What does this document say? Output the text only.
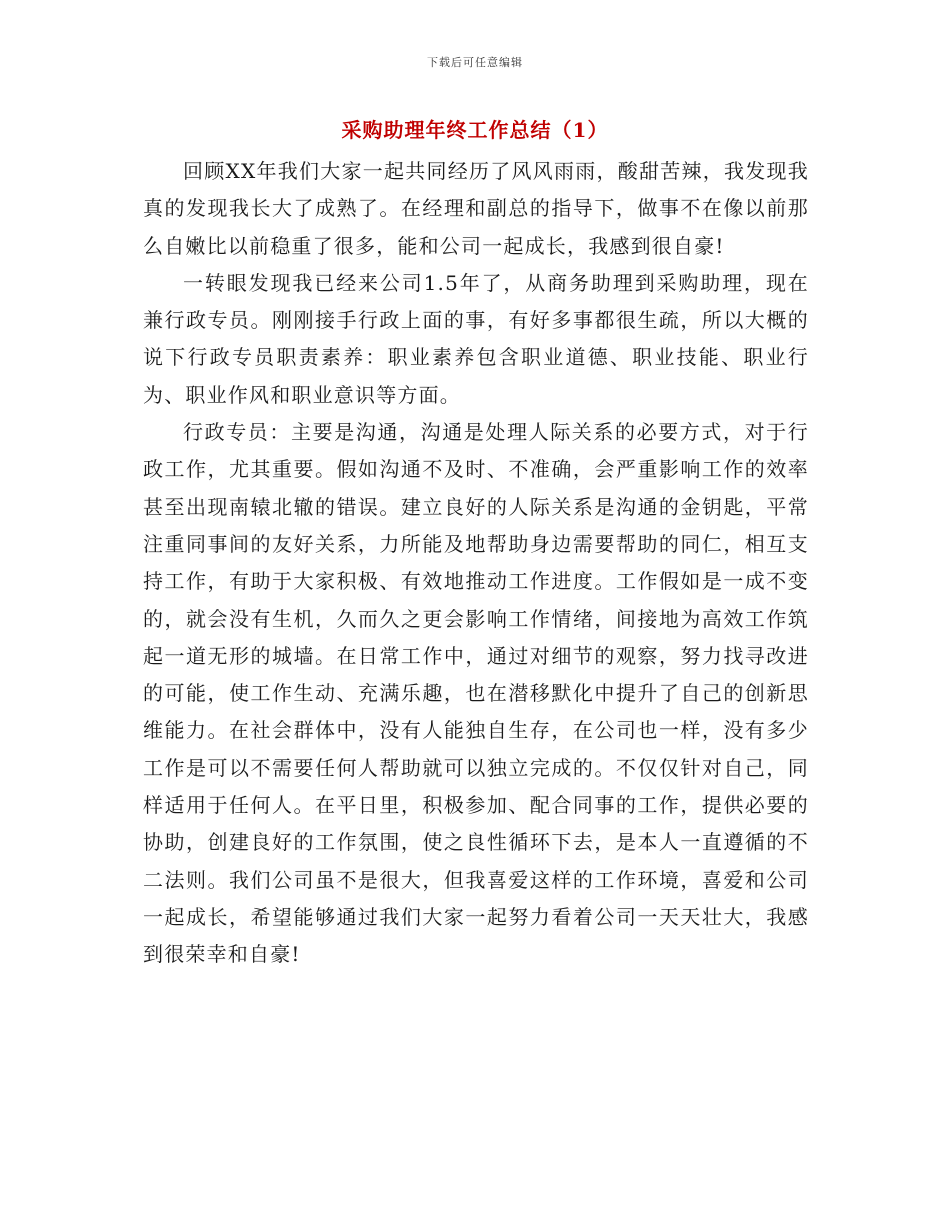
下载后可任意编辑
采购助理年终工作总结（1）

回顾XX年我们大家一起共同经历了风风雨雨，酸甜苦辣，我发现我真的发现我长大了成熟了。在经理和副总的指导下，做事不在像以前那么自嫩比以前稳重了很多，能和公司一起成长，我感到很自豪!

一转眼发现我已经来公司1.5年了，从商务助理到采购助理，现在兼行政专员。刚刚接手行政上面的事，有好多事都很生疏，所以大概的说下行政专员职责素养：职业素养包含职业道德、职业技能、职业行为、职业作风和职业意识等方面。

行政专员：主要是沟通，沟通是处理人际关系的必要方式，对于行政工作，尤其重要。假如沟通不及时、不准确，会严重影响工作的效率甚至出现南辕北辙的错误。建立良好的人际关系是沟通的金钥匙，平常注重同事间的友好关系，力所能及地帮助身边需要帮助的同仁，相互支持工作，有助于大家积极、有效地推动工作进度。工作假如是一成不变的，就会没有生机，久而久之更会影响工作情绪，间接地为高效工作筑起一道无形的城墙。在日常工作中，通过对细节的观察，努力找寻改进的可能，使工作生动、充满乐趣，也在潜移默化中提升了自己的创新思维能力。在社会群体中，没有人能独自生存，在公司也一样，没有多少工作是可以不需要任何人帮助就可以独立完成的。不仅仅针对自己，同样适用于任何人。在平日里，积极参加、配合同事的工作，提供必要的协助，创建良好的工作氛围，使之良性循环下去，是本人一直遵循的不二法则。我们公司虽不是很大，但我喜爱这样的工作环境，喜爱和公司一起成长，希望能够通过我们大家一起努力看着公司一天天壮大，我感到很荣幸和自豪!
